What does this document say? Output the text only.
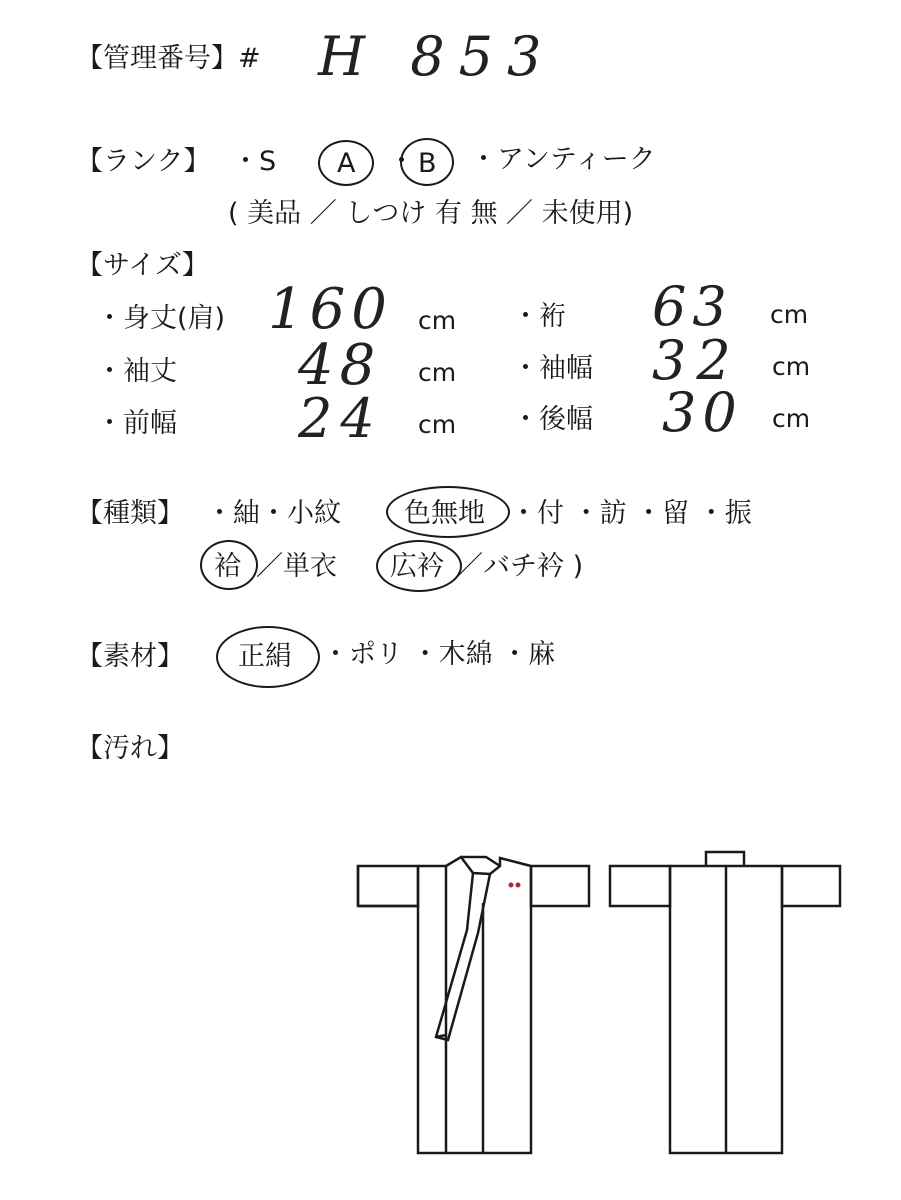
【管理番号】# H 853
【ランク】 ・S A ・ B ・アンティーク
( 美品 ／ しつけ 有 無 ／ 未使用)
【サイズ】
・身丈(肩) 160 cm ・裄 63 cm
・袖丈 48 cm ・袖幅 32 cm
・前幅 24 cm ・後幅 30 cm
【種類】 ・紬・小紋 色無地 ・付 ・訪 ・留 ・振
袷 ／単衣 広衿 ／バチ衿 )
【素材】 正絹 ・ポリ ・木綿 ・麻
【汚れ】
